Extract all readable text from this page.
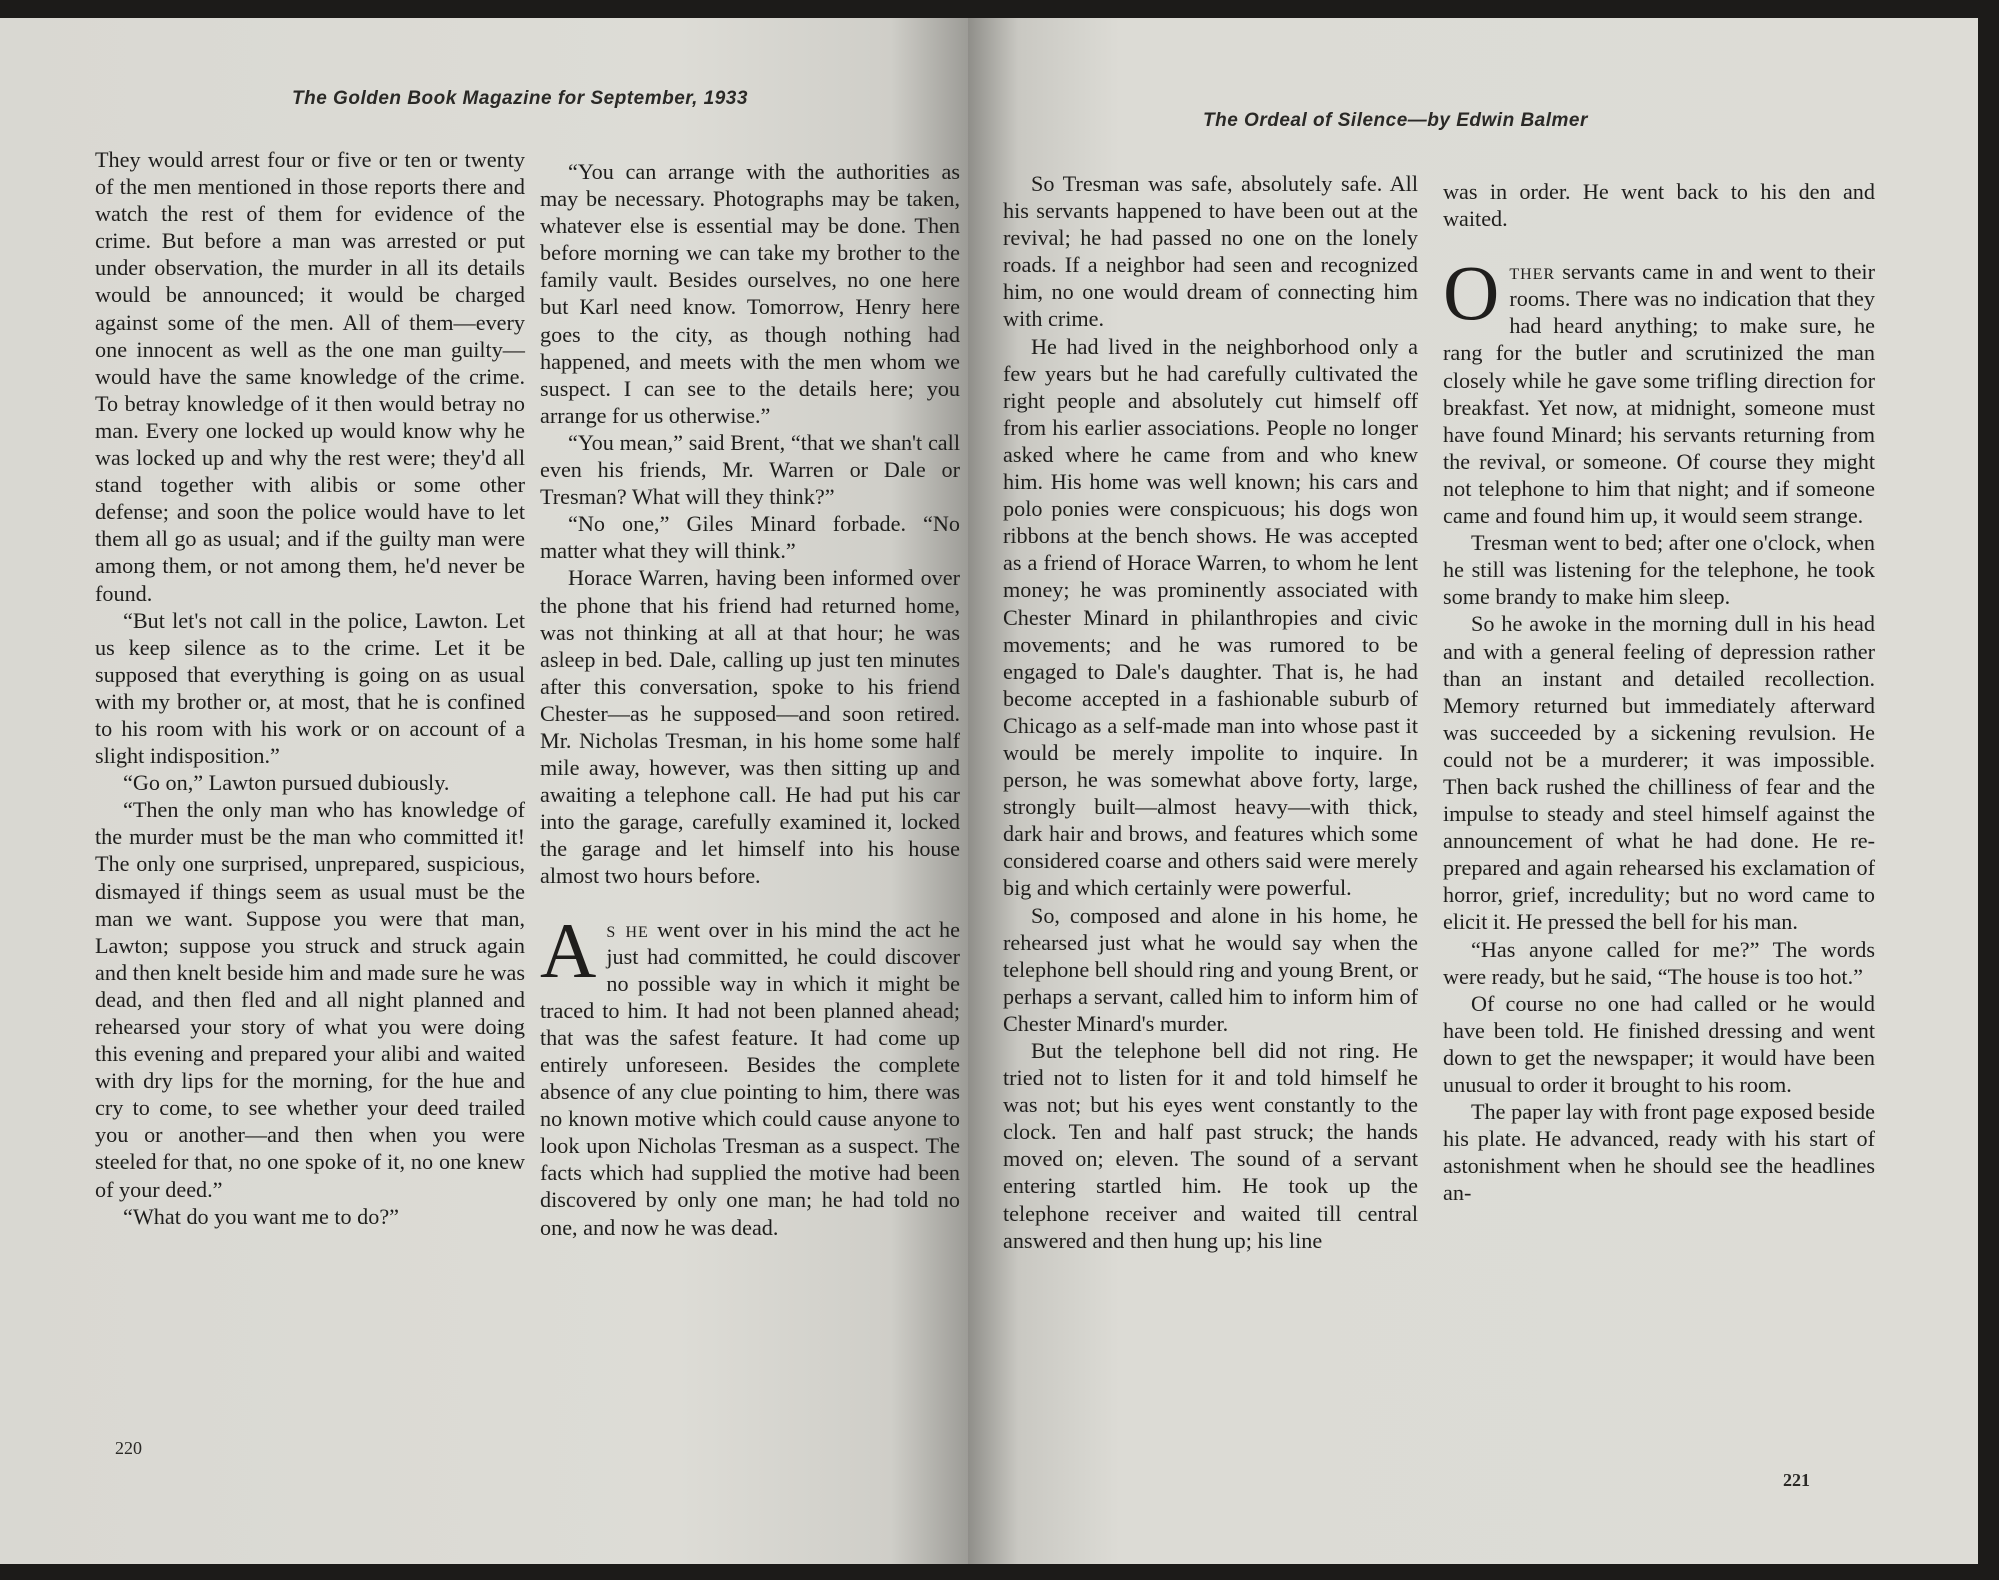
The Golden Book Magazine for September, 1933

They would arrest four or five or ten or twenty of the men mentioned in those reports there and watch the rest of them for evidence of the crime. But before a man was arrested or put under observation, the murder in all its details would be announced; it would be charged against some of the men. All of them—every one innocent as well as the one man guilty—would have the same knowledge of the crime. To betray knowledge of it then would betray no man. Every one locked up would know why he was locked up and why the rest were; they'd all stand together with alibis or some other defense; and soon the police would have to let them all go as usual; and if the guilty man were among them, or not among them, he'd never be found.

“But let's not call in the police, Lawton. Let us keep silence as to the crime. Let it be supposed that everything is going on as usual with my brother or, at most, that he is confined to his room with his work or on account of a slight indisposition.”

“Go on,” Lawton pursued dubiously.

“Then the only man who has knowledge of the murder must be the man who committed it! The only one surprised, unprepared, suspicious, dismayed if things seem as usual must be the man we want. Suppose you were that man, Lawton; suppose you struck and struck again and then knelt beside him and made sure he was dead, and then fled and all night planned and rehearsed your story of what you were doing this evening and prepared your alibi and waited with dry lips for the morning, for the hue and cry to come, to see whether your deed trailed you or another—and then when you were steeled for that, no one spoke of it, no one knew of your deed.”

“What do you want me to do?”

“You can arrange with the authorities as may be necessary. Photographs may be taken, whatever else is essential may be done. Then before morning we can take my brother to the family vault. Besides ourselves, no one here but Karl need know. Tomorrow, Henry here goes to the city, as though nothing had happened, and meets with the men whom we suspect. I can see to the details here; you arrange for us otherwise.”

“You mean,” said Brent, “that we shan't call even his friends, Mr. Warren or Dale or Tresman? What will they think?”

“No one,” Giles Minard forbade. “No matter what they will think.”

Horace Warren, having been informed over the phone that his friend had returned home, was not thinking at all at that hour; he was asleep in bed. Dale, calling up just ten minutes after this conversation, spoke to his friend Chester—as he supposed—and soon retired. Mr. Nicholas Tresman, in his home some half mile away, however, was then sitting up and awaiting a telephone call. He had put his car into the garage, carefully examined it, locked the garage and let himself into his house almost two hours before.

As he went over in his mind the act he just had committed, he could discover no possible way in which it might be traced to him. It had not been planned ahead; that was the safest feature. It had come up entirely unforeseen. Besides the complete absence of any clue pointing to him, there was no known motive which could cause anyone to look upon Nicholas Tresman as a suspect. The facts which had supplied the motive had been discovered by only one man; he had told no one, and now he was dead.

220
The Ordeal of Silence—by Edwin Balmer

So Tresman was safe, absolutely safe. All his servants happened to have been out at the revival; he had passed no one on the lonely roads. If a neighbor had seen and recognized him, no one would dream of connecting him with crime.

He had lived in the neighborhood only a few years but he had carefully cultivated the right people and absolutely cut himself off from his earlier associations. People no longer asked where he came from and who knew him. His home was well known; his cars and polo ponies were conspicuous; his dogs won ribbons at the bench shows. He was accepted as a friend of Horace Warren, to whom he lent money; he was prominently associated with Chester Minard in philanthropies and civic movements; and he was rumored to be engaged to Dale's daughter. That is, he had become accepted in a fashionable suburb of Chicago as a self-made man into whose past it would be merely impolite to inquire. In person, he was somewhat above forty, large, strongly built—almost heavy—with thick, dark hair and brows, and features which some considered coarse and others said were merely big and which certainly were powerful.

So, composed and alone in his home, he rehearsed just what he would say when the telephone bell should ring and young Brent, or perhaps a servant, called him to inform him of Chester Minard's murder.

But the telephone bell did not ring. He tried not to listen for it and told himself he was not; but his eyes went constantly to the clock. Ten and half past struck; the hands moved on; eleven. The sound of a servant entering startled him. He took up the telephone receiver and waited till central answered and then hung up; his line

was in order. He went back to his den and waited.

Other servants came in and went to their rooms. There was no indication that they had heard anything; to make sure, he rang for the butler and scrutinized the man closely while he gave some trifling direction for breakfast. Yet now, at midnight, someone must have found Minard; his servants returning from the revival, or someone. Of course they might not telephone to him that night; and if someone came and found him up, it would seem strange.

Tresman went to bed; after one o'clock, when he still was listening for the telephone, he took some brandy to make him sleep.

So he awoke in the morning dull in his head and with a general feeling of depression rather than an instant and detailed recollection. Memory returned but immediately afterward was succeeded by a sickening revulsion. He could not be a murderer; it was impossible. Then back rushed the chilliness of fear and the impulse to steady and steel himself against the announcement of what he had done. He re-prepared and again rehearsed his exclamation of horror, grief, incredulity; but no word came to elicit it. He pressed the bell for his man.

“Has anyone called for me?” The words were ready, but he said, “The house is too hot.”

Of course no one had called or he would have been told. He finished dressing and went down to get the newspaper; it would have been unusual to order it brought to his room.

The paper lay with front page exposed beside his plate. He advanced, ready with his start of astonishment when he should see the headlines an-

221
